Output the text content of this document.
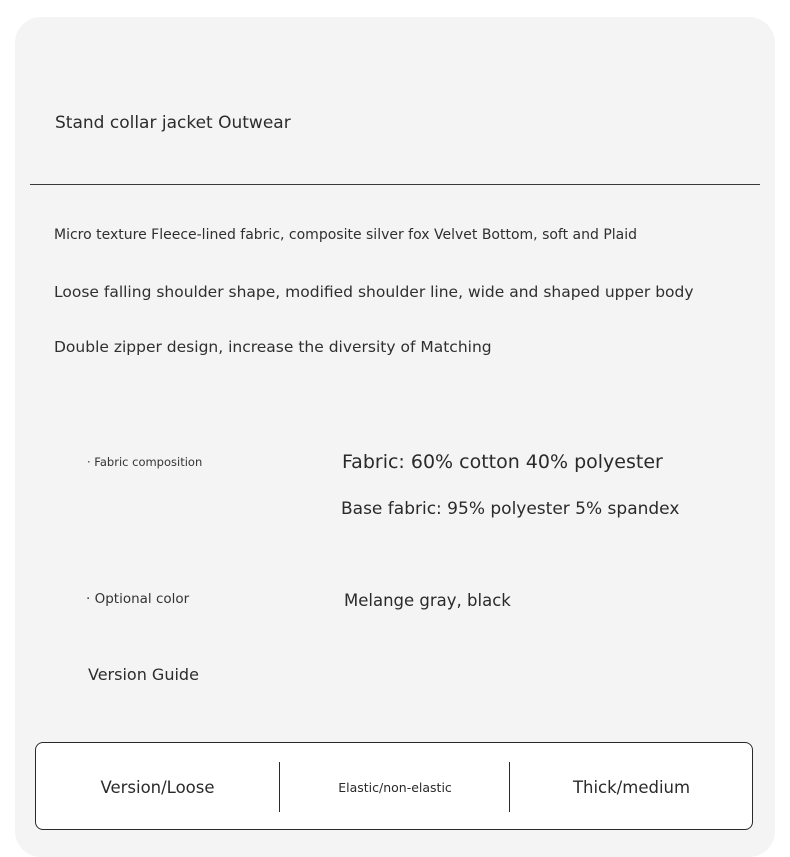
Stand collar jacket Outwear
Micro texture Fleece-lined fabric, composite silver fox Velvet Bottom, soft and Plaid
Loose falling shoulder shape, modified shoulder line, wide and shaped upper body
Double zipper design, increase the diversity of Matching
· Fabric composition	Fabric: 60% cotton 40% polyester
Base fabric: 95% polyester 5% spandex
· Optional color	Melange gray, black
Version Guide
Version/Loose	Elastic/non-elastic	Thick/medium
